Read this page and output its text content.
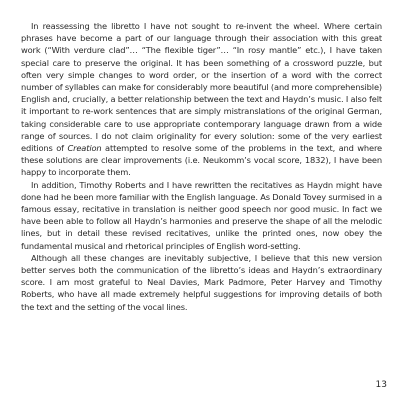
In reassessing the libretto I have not sought to re-invent the wheel. Where certain phrases have become a part of our language through their association with this great work (“With verdure clad”… “The flexible tiger”… “In rosy mantle” etc.), I have taken special care to preserve the original. It has been something of a crossword puzzle, but often very simple changes to word order, or the insertion of a word with the correct number of syllables can make for considerably more beautiful (and more comprehensible) English and, crucially, a better relationship between the text and Haydn’s music. I also felt it important to re-work sentences that are simply mistranslations of the original German, taking considerable care to use appropriate contemporary language drawn from a wide range of sources. I do not claim originality for every solution: some of the very earliest editions of Creation attempted to resolve some of the problems in the text, and where these solutions are clear improvements (i.e. Neukomm’s vocal score, 1832), I have been happy to incorporate them.

In addition, Timothy Roberts and I have rewritten the recitatives as Haydn might have done had he been more familiar with the English language. As Donald Tovey surmised in a famous essay, recitative in translation is neither good speech nor good music. In fact we have been able to follow all Haydn’s harmonies and preserve the shape of all the melodic lines, but in detail these revised recitatives, unlike the printed ones, now obey the fundamental musical and rhetorical principles of English word-setting.

Although all these changes are inevitably subjective, I believe that this new version better serves both the communication of the libretto’s ideas and Haydn’s extraordinary score. I am most grateful to Neal Davies, Mark Padmore, Peter Harvey and Timothy Roberts, who have all made extremely helpful suggestions for improving details of both the text and the setting of the vocal lines.

13
